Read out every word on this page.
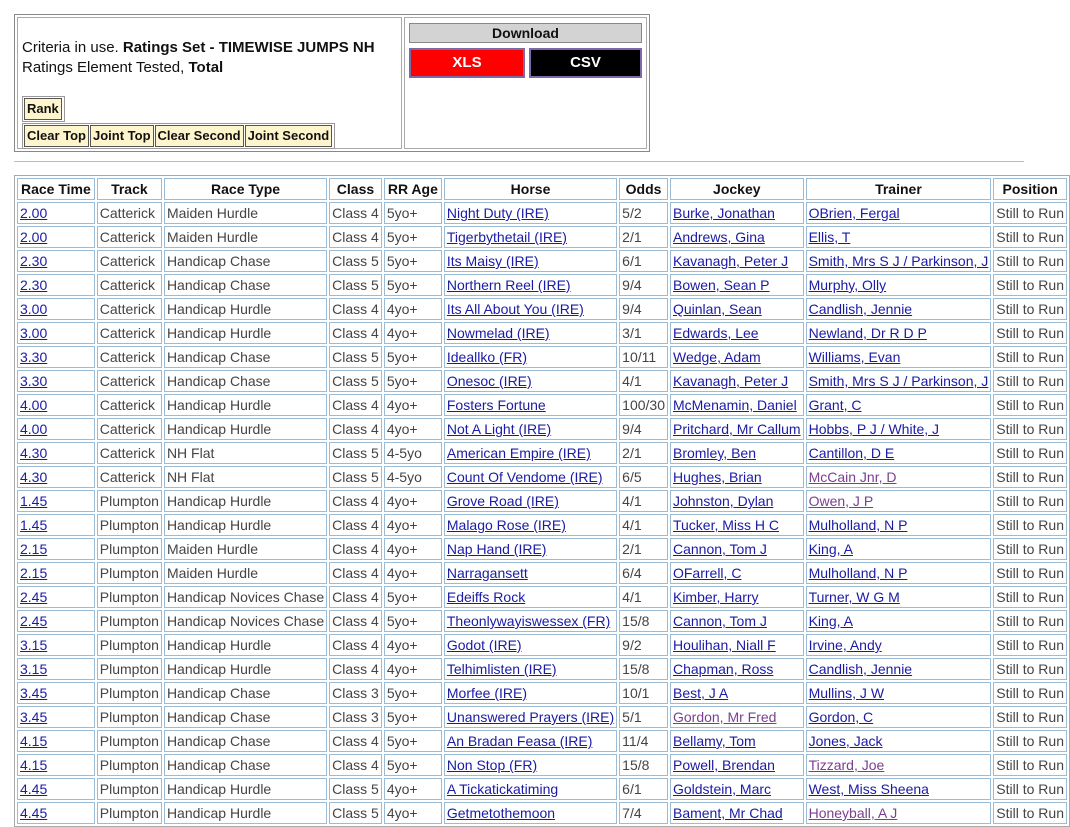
Criteria in use. Ratings Set - TIMEWISE JUMPS NH
Ratings Element Tested, Total
Rank
Clear Top Joint Top Clear Second Joint Second
Download
XLS	CSV
Race Time	Track	Race Type	Class	RR Age	Horse	Odds	Jockey	Trainer	Position
2.00	Catterick	Maiden Hurdle	Class 4	5yo+	Night Duty (IRE)	5/2	Burke, Jonathan	OBrien, Fergal	Still to Run
2.00	Catterick	Maiden Hurdle	Class 4	5yo+	Tigerbythetail (IRE)	2/1	Andrews, Gina	Ellis, T	Still to Run
2.30	Catterick	Handicap Chase	Class 5	5yo+	Its Maisy (IRE)	6/1	Kavanagh, Peter J	Smith, Mrs S J / Parkinson, J	Still to Run
2.30	Catterick	Handicap Chase	Class 5	5yo+	Northern Reel (IRE)	9/4	Bowen, Sean P	Murphy, Olly	Still to Run
3.00	Catterick	Handicap Hurdle	Class 4	4yo+	Its All About You (IRE)	9/4	Quinlan, Sean	Candlish, Jennie	Still to Run
3.00	Catterick	Handicap Hurdle	Class 4	4yo+	Nowmelad (IRE)	3/1	Edwards, Lee	Newland, Dr R D P	Still to Run
3.30	Catterick	Handicap Chase	Class 5	5yo+	Ideallko (FR)	10/11	Wedge, Adam	Williams, Evan	Still to Run
3.30	Catterick	Handicap Chase	Class 5	5yo+	Onesoc (IRE)	4/1	Kavanagh, Peter J	Smith, Mrs S J / Parkinson, J	Still to Run
4.00	Catterick	Handicap Hurdle	Class 4	4yo+	Fosters Fortune	100/30	McMenamin, Daniel	Grant, C	Still to Run
4.00	Catterick	Handicap Hurdle	Class 4	4yo+	Not A Light (IRE)	9/4	Pritchard, Mr Callum	Hobbs, P J / White, J	Still to Run
4.30	Catterick	NH Flat	Class 5	4-5yo	American Empire (IRE)	2/1	Bromley, Ben	Cantillon, D E	Still to Run
4.30	Catterick	NH Flat	Class 5	4-5yo	Count Of Vendome (IRE)	6/5	Hughes, Brian	McCain Jnr, D	Still to Run
1.45	Plumpton	Handicap Hurdle	Class 4	4yo+	Grove Road (IRE)	4/1	Johnston, Dylan	Owen, J P	Still to Run
1.45	Plumpton	Handicap Hurdle	Class 4	4yo+	Malago Rose (IRE)	4/1	Tucker, Miss H C	Mulholland, N P	Still to Run
2.15	Plumpton	Maiden Hurdle	Class 4	4yo+	Nap Hand (IRE)	2/1	Cannon, Tom J	King, A	Still to Run
2.15	Plumpton	Maiden Hurdle	Class 4	4yo+	Narragansett	6/4	OFarrell, C	Mulholland, N P	Still to Run
2.45	Plumpton	Handicap Novices Chase	Class 4	5yo+	Edeiffs Rock	4/1	Kimber, Harry	Turner, W G M	Still to Run
2.45	Plumpton	Handicap Novices Chase	Class 4	5yo+	Theonlywayiswessex (FR)	15/8	Cannon, Tom J	King, A	Still to Run
3.15	Plumpton	Handicap Hurdle	Class 4	4yo+	Godot (IRE)	9/2	Houlihan, Niall F	Irvine, Andy	Still to Run
3.15	Plumpton	Handicap Hurdle	Class 4	4yo+	Telhimlisten (IRE)	15/8	Chapman, Ross	Candlish, Jennie	Still to Run
3.45	Plumpton	Handicap Chase	Class 3	5yo+	Morfee (IRE)	10/1	Best, J A	Mullins, J W	Still to Run
3.45	Plumpton	Handicap Chase	Class 3	5yo+	Unanswered Prayers (IRE)	5/1	Gordon, Mr Fred	Gordon, C	Still to Run
4.15	Plumpton	Handicap Chase	Class 4	5yo+	An Bradan Feasa (IRE)	11/4	Bellamy, Tom	Jones, Jack	Still to Run
4.15	Plumpton	Handicap Chase	Class 4	5yo+	Non Stop (FR)	15/8	Powell, Brendan	Tizzard, Joe	Still to Run
4.45	Plumpton	Handicap Hurdle	Class 5	4yo+	A Tickatickatiming	6/1	Goldstein, Marc	West, Miss Sheena	Still to Run
4.45	Plumpton	Handicap Hurdle	Class 5	4yo+	Getmetothemoon	7/4	Bament, Mr Chad	Honeyball, A J	Still to Run
